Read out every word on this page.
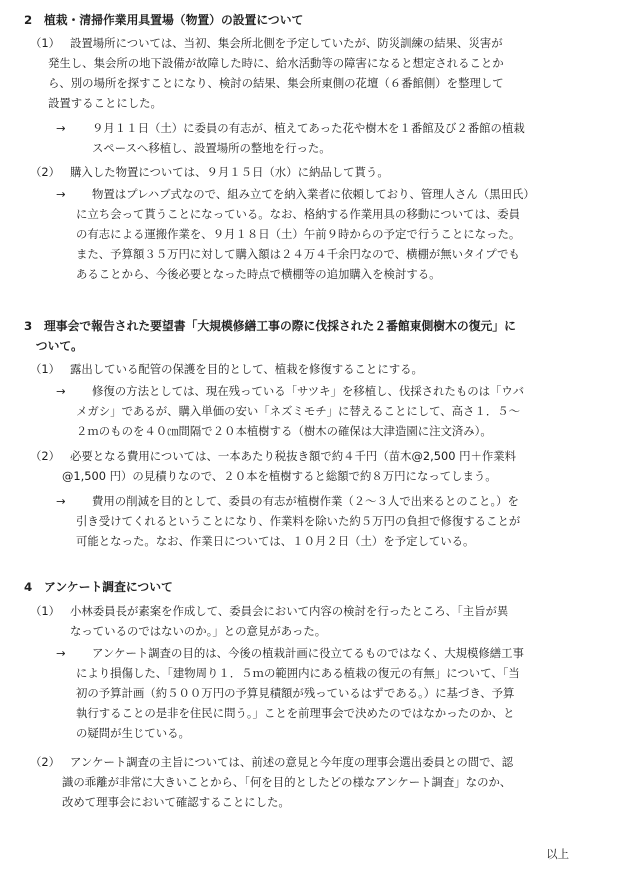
2　植栽・清掃作業用具置場（物置）の設置について
（1） 設置場所については、当初、集会所北側を予定していたが、防災訓練の結果、災害が
発生し、集会所の地下設備が故障した時に、給水活動等の障害になると想定されることか
ら、別の場所を探すことになり、検討の結果、集会所東側の花壇（６番館側）を整理して
設置することにした。
→ ９月１１日（土）に委員の有志が、植えてあった花や樹木を１番館及び２番館の植栽
スペースへ移植し、設置場所の整地を行った。
（2） 購入した物置については、９月１５日（水）に納品して貰う。
→ 物置はプレハブ式なので、組み立てを納入業者に依頼しており、管理人さん（黒田氏）
に立ち会って貰うことになっている。なお、格納する作業用具の移動については、委員
の有志による運搬作業を、９月１８日（土）午前９時からの予定で行うことになった。
また、予算額３５万円に対して購入額は２４万４千余円なので、横棚が無いタイプでも
あることから、今後必要となった時点で横棚等の追加購入を検討する。
3　理事会で報告された要望書「大規模修繕工事の際に伐採された２番館東側樹木の復元」に
　ついて。
（1） 露出している配管の保護を目的として、植栽を修復することにする。
→ 修復の方法としては、現在残っている「サツキ」を移植し、伐採されたものは「ウバ
メガシ」であるが、購入単価の安い「ネズミモチ」に替えることにして、高さ１．５～
２ｍのものを４０㎝間隔で２０本植樹する（樹木の確保は大津造園に注文済み）。
（2） 必要となる費用については、一本あたり税抜き額で約４千円（苗木@2,500 円＋作業料
@1,500 円）の見積りなので、２０本を植樹すると総額で約８万円になってしまう。
→ 費用の削減を目的として、委員の有志が植樹作業（２～３人で出来るとのこと。）を
引き受けてくれるということになり、作業料を除いた約５万円の負担で修復することが
可能となった。なお、作業日については、１０月２日（土）を予定している。
4　アンケート調査について
（1） 小林委員長が素案を作成して、委員会において内容の検討を行ったところ、「主旨が異
なっているのではないのか。」との意見があった。
→ アンケート調査の目的は、今後の植栽計画に役立てるものではなく、大規模修繕工事
により損傷した、「建物周り１．５ｍの範囲内にある植栽の復元の有無」について、「当
初の予算計画（約５００万円の予算見積額が残っているはずである。）に基づき、予算
執行することの是非を住民に問う。」ことを前理事会で決めたのではなかったのか、と
の疑問が生じている。
（2） アンケート調査の主旨については、前述の意見と今年度の理事会選出委員との間で、認
識の乖離が非常に大きいことから、「何を目的としたどの様なアンケート調査」なのか、
改めて理事会において確認することにした。
以上
